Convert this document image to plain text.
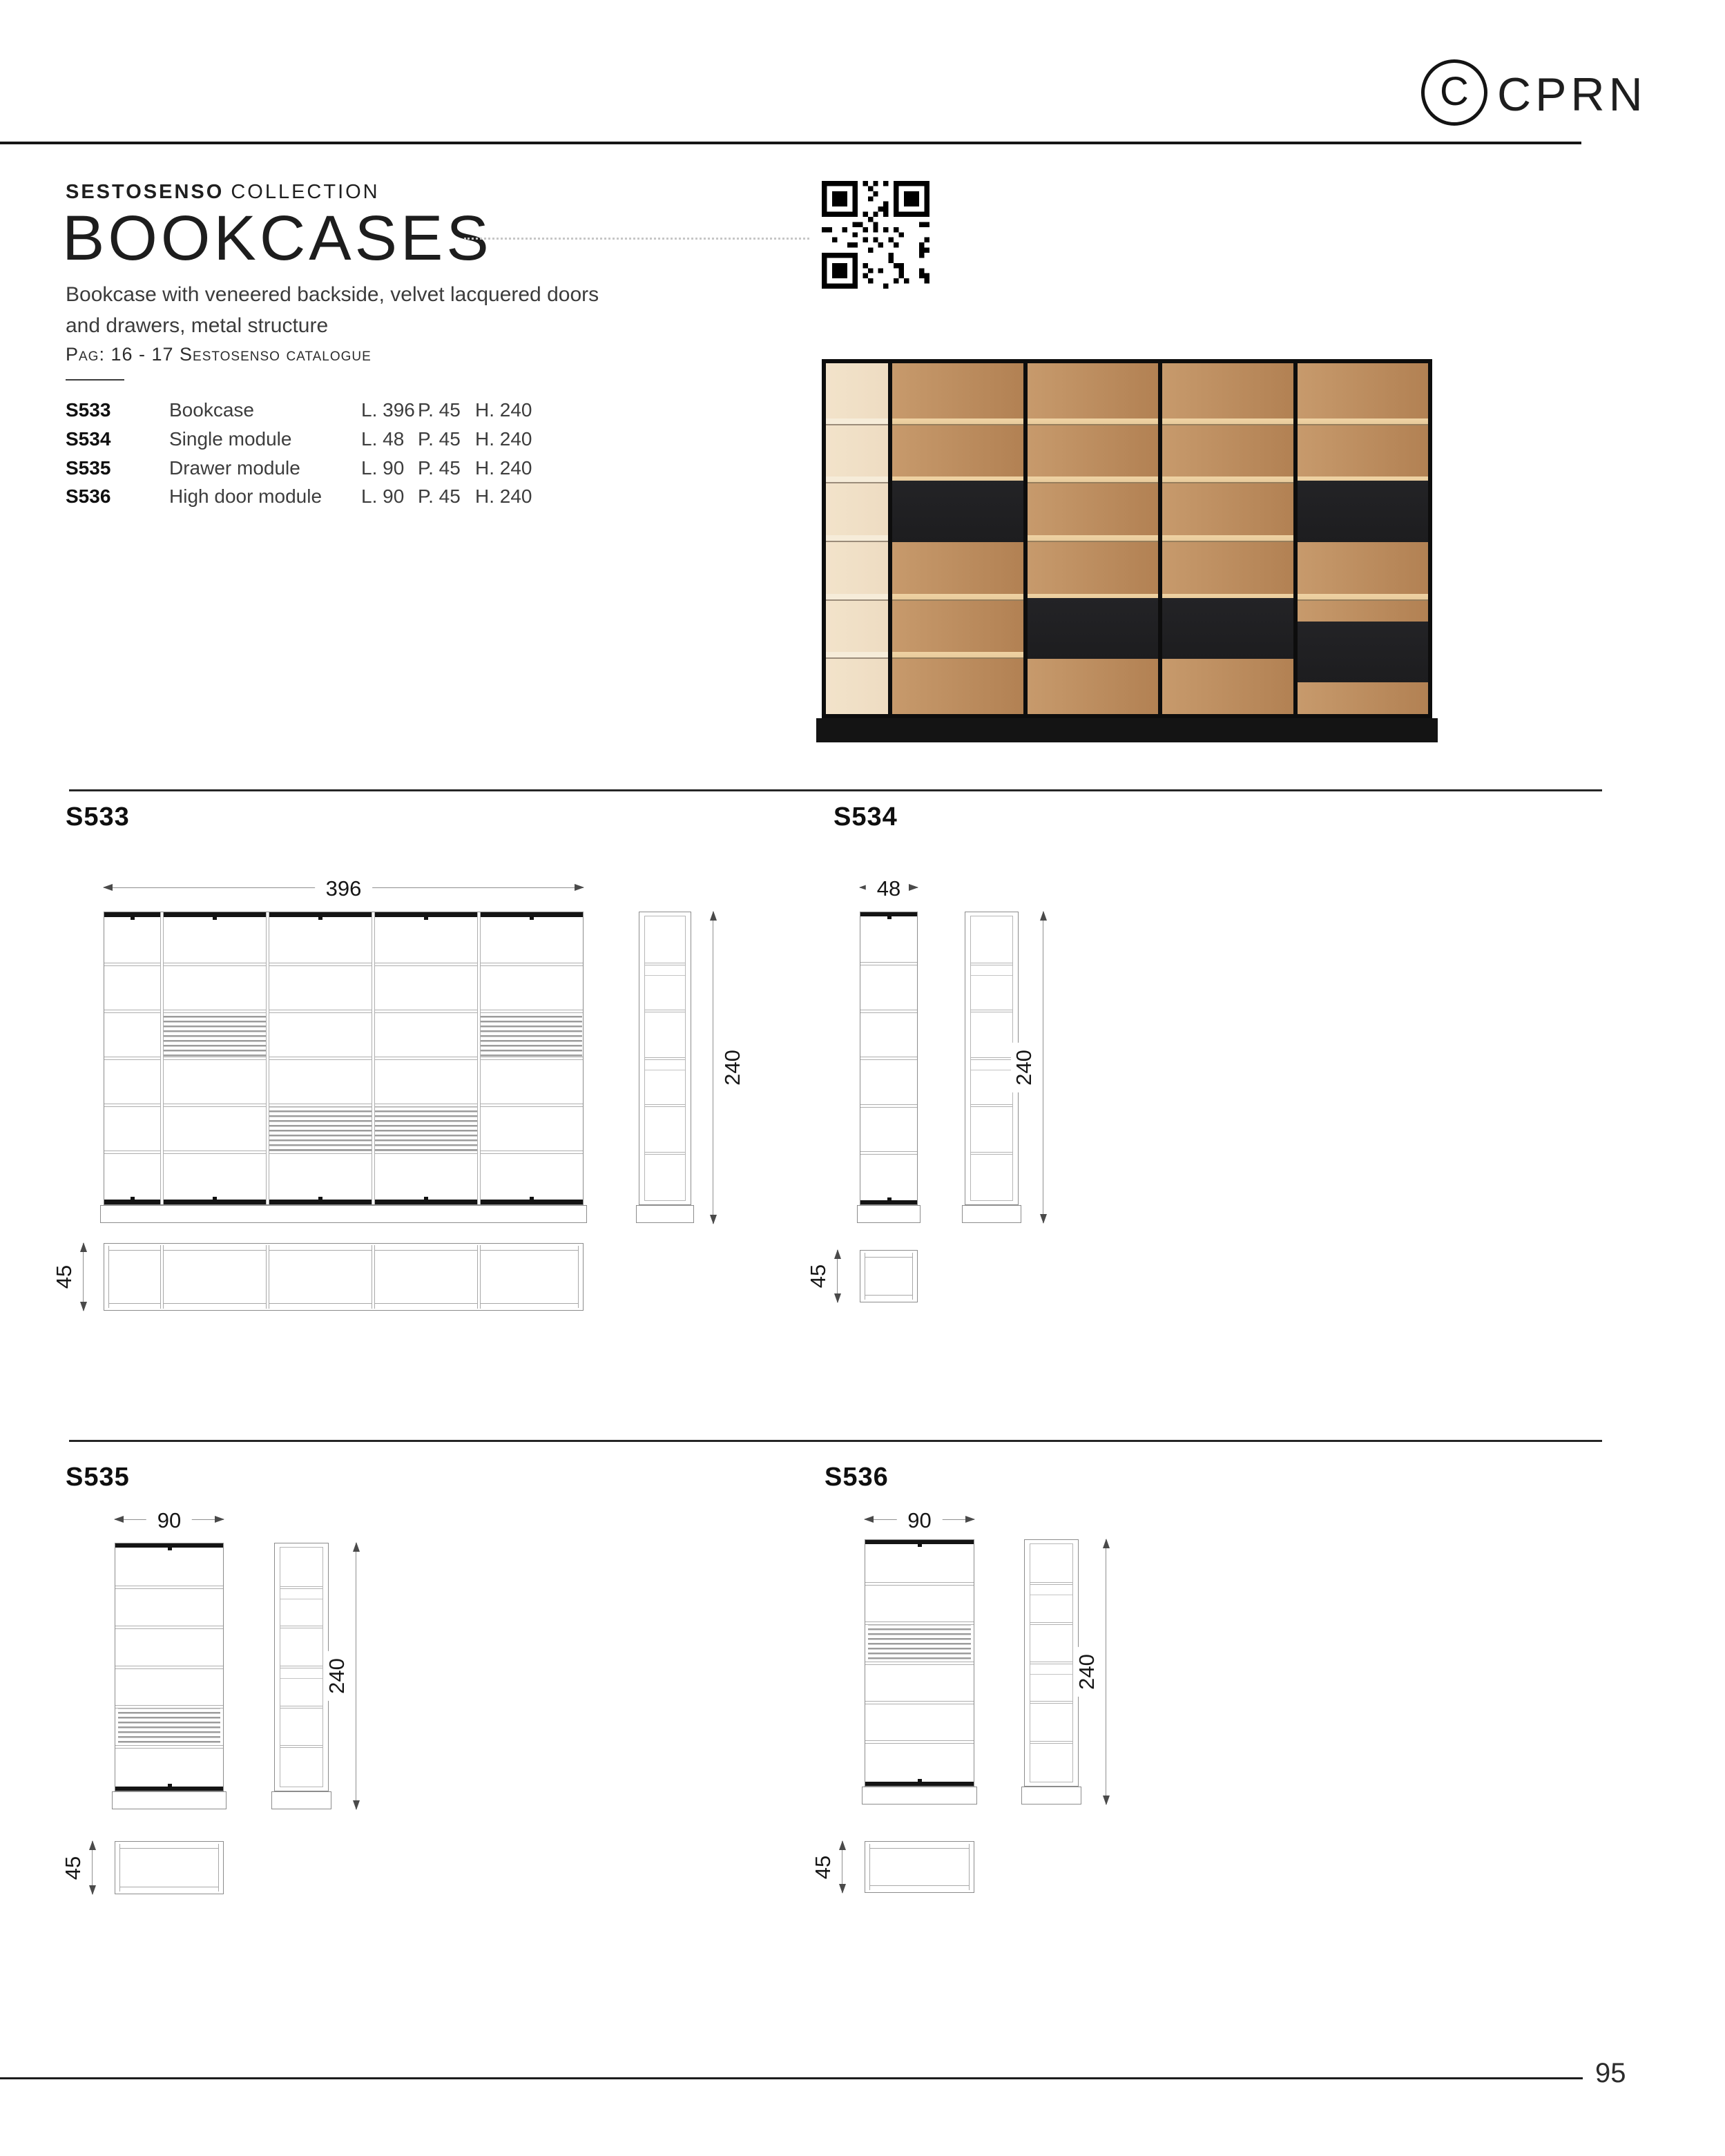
C CPRN
SESTOSENSO COLLECTION
BOOKCASES
Bookcase with veneered backside, velvet lacquered doors
and drawers, metal structure
Pag: 16 - 17 Sestosenso catalogue
S533	Bookcase	L. 396 P. 45 H. 240
S534	Single module	L. 48 P. 45 H. 240
S535	Drawer module	L. 90 P. 45 H. 240
S536	High door module L. 90 P. 45 H. 240
S533	S534
396
240
45
48
240
45
S535	S536
90
240
45
90
240
45
95
